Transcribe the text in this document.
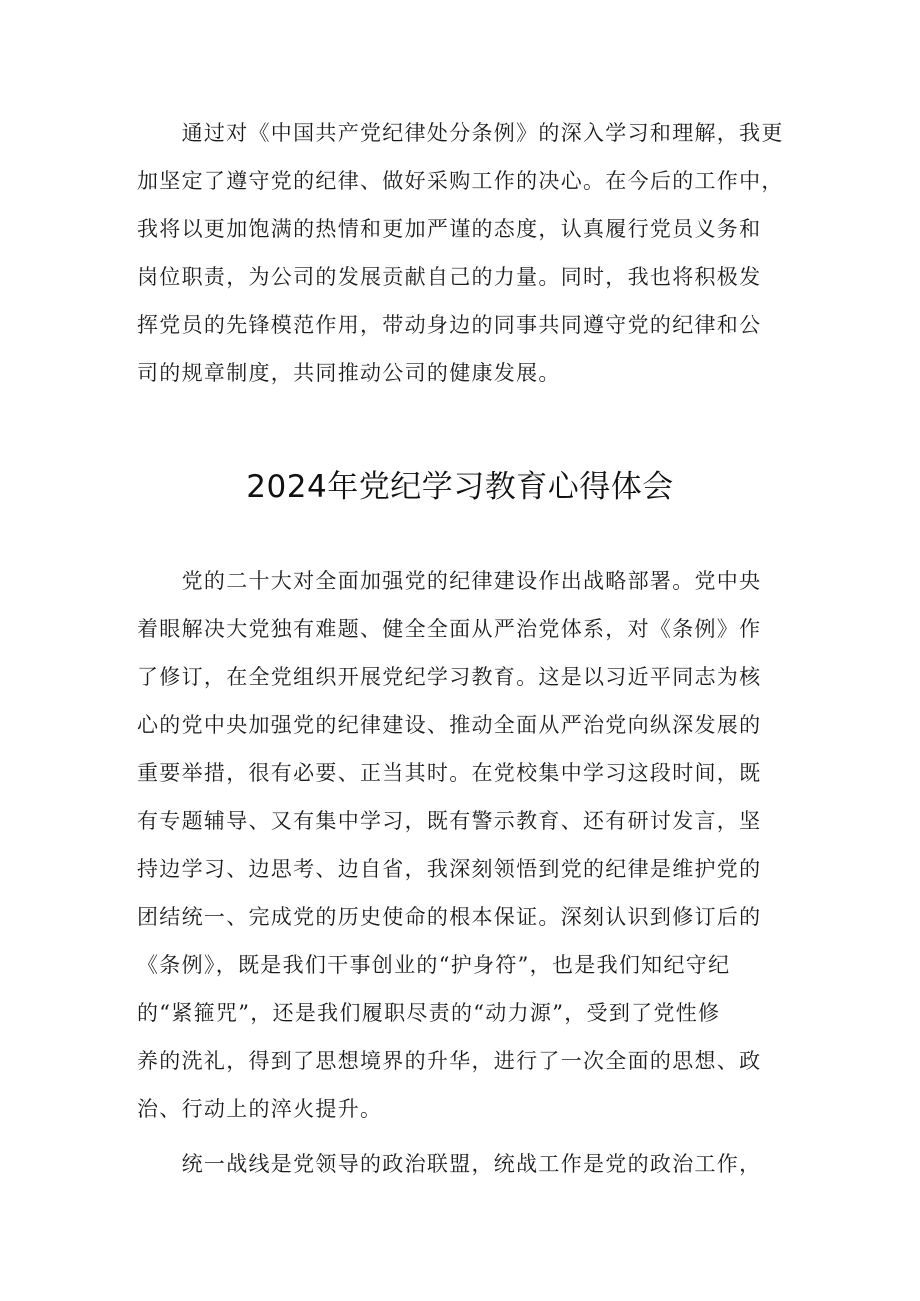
　　通过对《中国共产党纪律处分条例》的深入学习和理解，我更
加坚定了遵守党的纪律、做好采购工作的决心。在今后的工作中，
我将以更加饱满的热情和更加严谨的态度，认真履行党员义务和
岗位职责，为公司的发展贡献自己的力量。同时，我也将积极发
挥党员的先锋模范作用，带动身边的同事共同遵守党的纪律和公
司的规章制度，共同推动公司的健康发展。
2024年党纪学习教育心得体会
　　党的二十大对全面加强党的纪律建设作出战略部署。党中央
着眼解决大党独有难题、健全全面从严治党体系，对《条例》作
了修订，在全党组织开展党纪学习教育。这是以习近平同志为核
心的党中央加强党的纪律建设、推动全面从严治党向纵深发展的
重要举措，很有必要、正当其时。在党校集中学习这段时间，既
有专题辅导、又有集中学习，既有警示教育、还有研讨发言，坚
持边学习、边思考、边自省，我深刻领悟到党的纪律是维护党的
团结统一、完成党的历史使命的根本保证。深刻认识到修订后的
《条例》，既是我们干事创业的“护身符”，也是我们知纪守纪
的“紧箍咒”，还是我们履职尽责的“动力源”，受到了党性修
养的洗礼，得到了思想境界的升华，进行了一次全面的思想、政
治、行动上的淬火提升。
　　统一战线是党领导的政治联盟，统战工作是党的政治工作，
